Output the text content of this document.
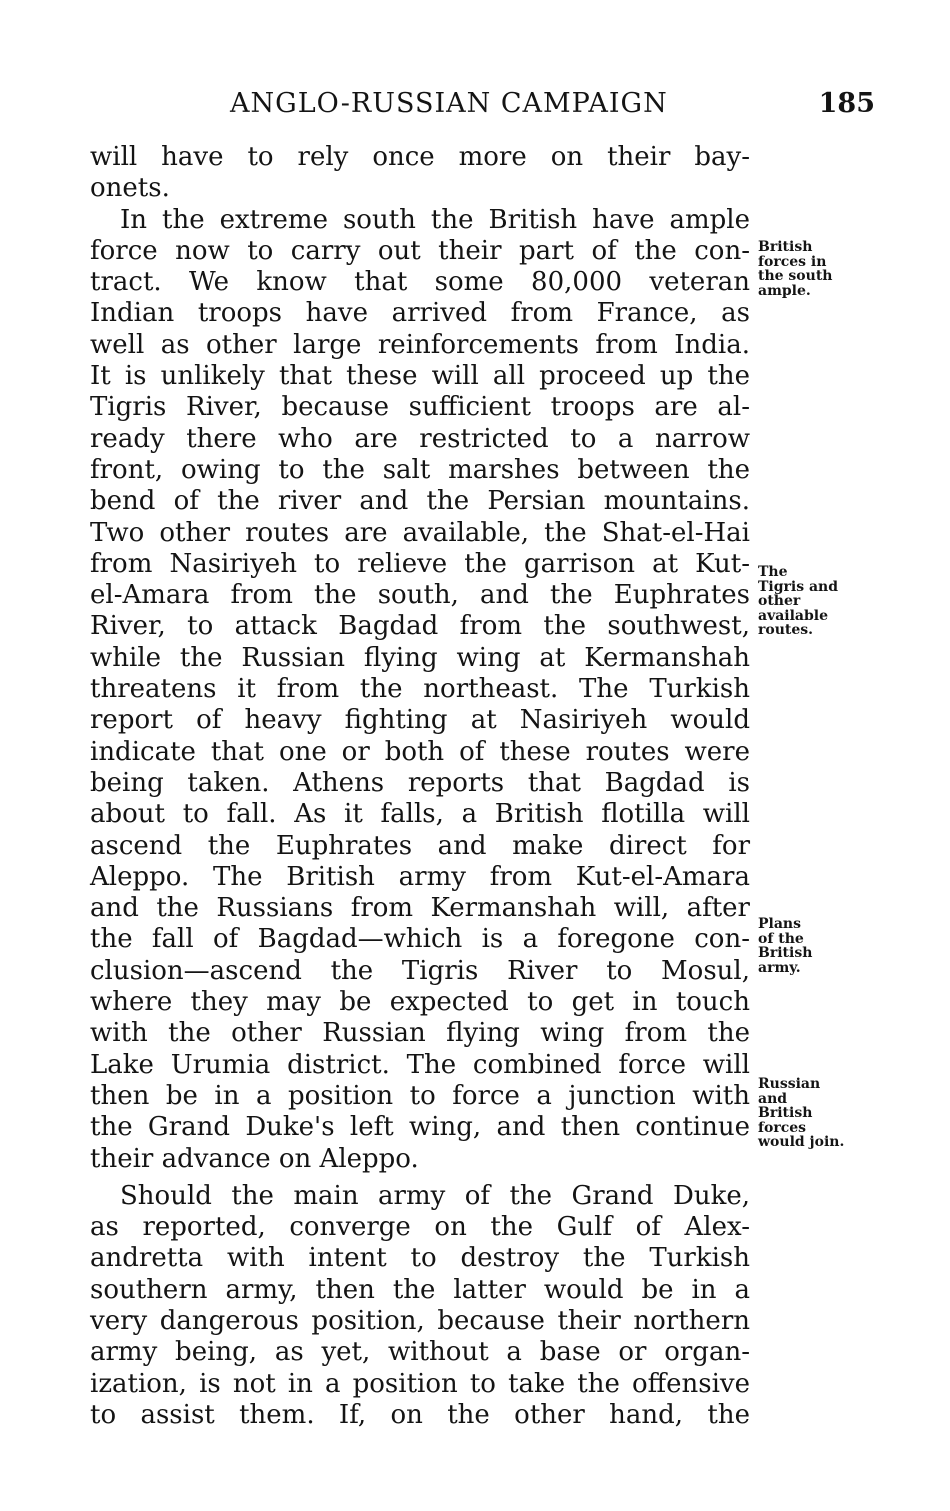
ANGLO-RUSSIAN CAMPAIGN	185
will have to rely once more on their bay-
onets.
In the extreme south the British have ample
force now to carry out their part of the con-
tract. We know that some 80,000 veteran
Indian troops have arrived from France, as
well as other large reinforcements from India.
It is unlikely that these will all proceed up the
Tigris River, because sufficient troops are al-
ready there who are restricted to a narrow
front, owing to the salt marshes between the
bend of the river and the Persian mountains.
Two other routes are available, the Shat-el-Hai
from Nasiriyeh to relieve the garrison at Kut-
el-Amara from the south, and the Euphrates
River, to attack Bagdad from the southwest,
while the Russian flying wing at Kermanshah
threatens it from the northeast. The Turkish
report of heavy fighting at Nasiriyeh would
indicate that one or both of these routes were
being taken. Athens reports that Bagdad is
about to fall. As it falls, a British flotilla will
ascend the Euphrates and make direct for
Aleppo. The British army from Kut-el-Amara
and the Russians from Kermanshah will, after
the fall of Bagdad—which is a foregone con-
clusion—ascend the Tigris River to Mosul,
where they may be expected to get in touch
with the other Russian flying wing from the
Lake Urumia district. The combined force will
then be in a position to force a junction with
the Grand Duke's left wing, and then continue
their advance on Aleppo.
Should the main army of the Grand Duke,
as reported, converge on the Gulf of Alex-
andretta with intent to destroy the Turkish
southern army, then the latter would be in a
very dangerous position, because their northern
army being, as yet, without a base or organ-
ization, is not in a position to take the offensive
to assist them. If, on the other hand, the
British
forces in
the south
ample.
The
Tigris and
other
available
routes.
Plans
of the
British
army.
Russian
and
British
forces
would join.
